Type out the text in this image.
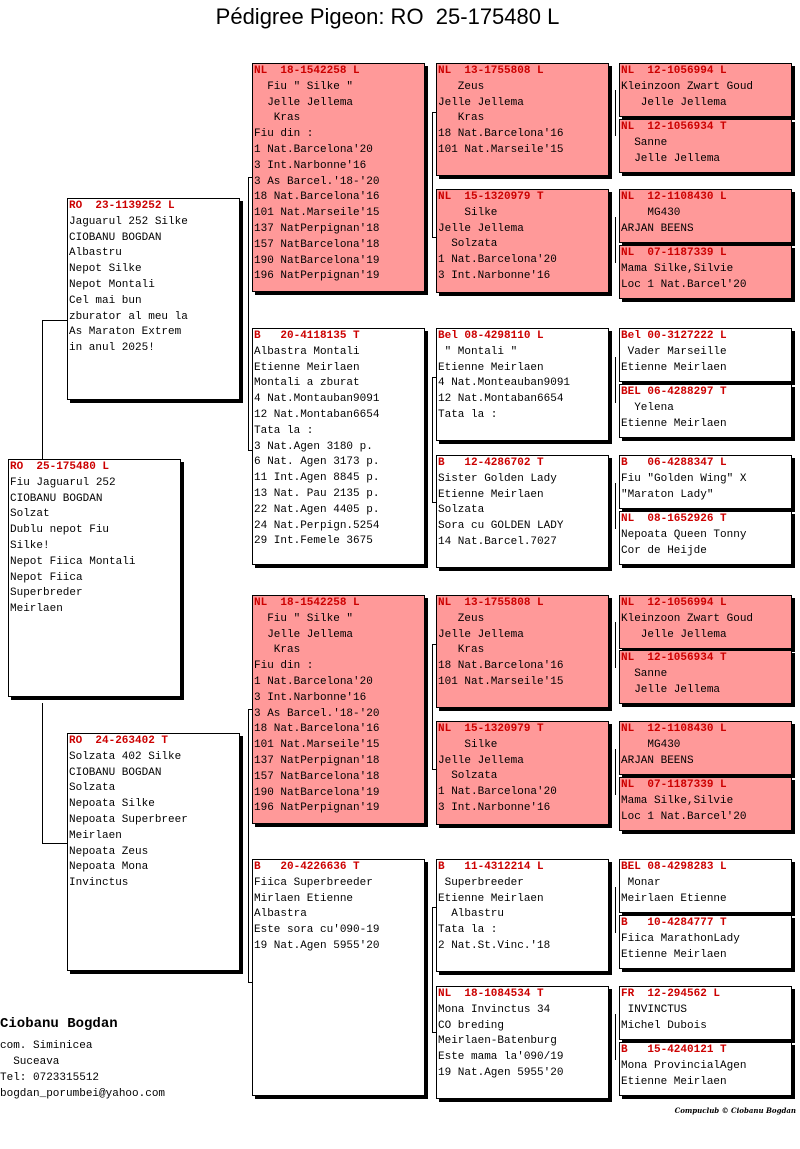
Pédigree Pigeon: RO  25-175480 L
RO  25-175480 L
Fiu Jaguarul 252
CIOBANU BOGDAN
Solzat
Dublu nepot Fiu
Silke!
Nepot Fiica Montali
Nepot Fiica
Superbreder
Meirlaen
RO  23-1139252 L
Jaguarul 252 Silke
CIOBANU BOGDAN
Albastru
Nepot Silke
Nepot Montali
Cel mai bun
zburator al meu la
As Maraton Extrem
in anul 2025!
RO  24-263402 T
Solzata 402 Silke
CIOBANU BOGDAN
Solzata
Nepoata Silke
Nepoata Superbreer
Meirlaen
Nepoata Zeus
Nepoata Mona
Invinctus
NL  18-1542258 L
Fiu " Silke "
Jelle Jellema
Kras
Fiu din :
1 Nat.Barcelona'20
3 Int.Narbonne'16
3 As Barcel.'18-'20
18 Nat.Barcelona'16
101 Nat.Marseile'15
137 NatPerpignan'18
157 NatBarcelona'18
190 NatBarcelona'19
196 NatPerpignan'19
B   20-4118135 T
Albastra Montali
Etienne Meirlaen
Montali a zburat
4 Nat.Montauban9091
12 Nat.Montaban6654
Tata la :
3 Nat.Agen 3180 p.
6 Nat. Agen 3173 p.
11 Int.Agen 8845 p.
13 Nat. Pau 2135 p.
22 Nat.Agen 4405 p.
24 Nat.Perpign.5254
29 Int.Femele 3675
NL  18-1542258 L
Fiu " Silke "
Jelle Jellema
Kras
Fiu din :
1 Nat.Barcelona'20
3 Int.Narbonne'16
3 As Barcel.'18-'20
18 Nat.Barcelona'16
101 Nat.Marseile'15
137 NatPerpignan'18
157 NatBarcelona'18
190 NatBarcelona'19
196 NatPerpignan'19
B   20-4226636 T
Fiica Superbreeder
Mirlaen Etienne
Albastra
Este sora cu'090-19
19 Nat.Agen 5955'20
NL  13-1755808 L
Zeus
Jelle Jellema
Kras
18 Nat.Barcelona'16
101 Nat.Marseile'15
NL  15-1320979 T
Silke
Jelle Jellema
Solzata
1 Nat.Barcelona'20
3 Int.Narbonne'16
Bel 08-4298110 L
" Montali "
Etienne Meirlaen
4 Nat.Monteauban9091
12 Nat.Montaban6654
Tata la :
B   12-4286702 T
Sister Golden Lady
Etienne Meirlaen
Solzata
Sora cu GOLDEN LADY
14 Nat.Barcel.7027
NL  13-1755808 L
Zeus
Jelle Jellema
Kras
18 Nat.Barcelona'16
101 Nat.Marseile'15
NL  15-1320979 T
Silke
Jelle Jellema
Solzata
1 Nat.Barcelona'20
3 Int.Narbonne'16
B   11-4312214 L
Superbreeder
Etienne Meirlaen
Albastru
Tata la :
2 Nat.St.Vinc.'18
NL  18-1084534 T
Mona Invinctus 34
CO breding
Meirlaen-Batenburg
Este mama la'090/19
19 Nat.Agen 5955'20
NL  12-1056994 L
Kleinzoon Zwart Goud
Jelle Jellema
NL  12-1056934 T
Sanne
Jelle Jellema
NL  12-1108430 L
MG430
ARJAN BEENS
NL  07-1187339 L
Mama Silke,Silvie
Loc 1 Nat.Barcel'20
Bel 00-3127222 L
Vader Marseille
Etienne Meirlaen
BEL 06-4288297 T
Yelena
Etienne Meirlaen
B   06-4288347 L
Fiu "Golden Wing" X
"Maraton Lady"
NL  08-1652926 T
Nepoata Queen Tonny
Cor de Heijde
NL  12-1056994 L
Kleinzoon Zwart Goud
Jelle Jellema
NL  12-1056934 T
Sanne
Jelle Jellema
NL  12-1108430 L
MG430
ARJAN BEENS
NL  07-1187339 L
Mama Silke,Silvie
Loc 1 Nat.Barcel'20
BEL 08-4298283 L
Monar
Meirlaen Etienne
B   10-4284777 T
Fiica MarathonLady
Etienne Meirlaen
FR  12-294562 L
INVINCTUS
Michel Dubois
B   15-4240121 T
Mona ProvincialAgen
Etienne Meirlaen
Ciobanu Bogdan
com. Siminicea
Suceava
Tel: 0723315512
bogdan_porumbei@yahoo.com
Compuclub © Ciobanu Bogdan
